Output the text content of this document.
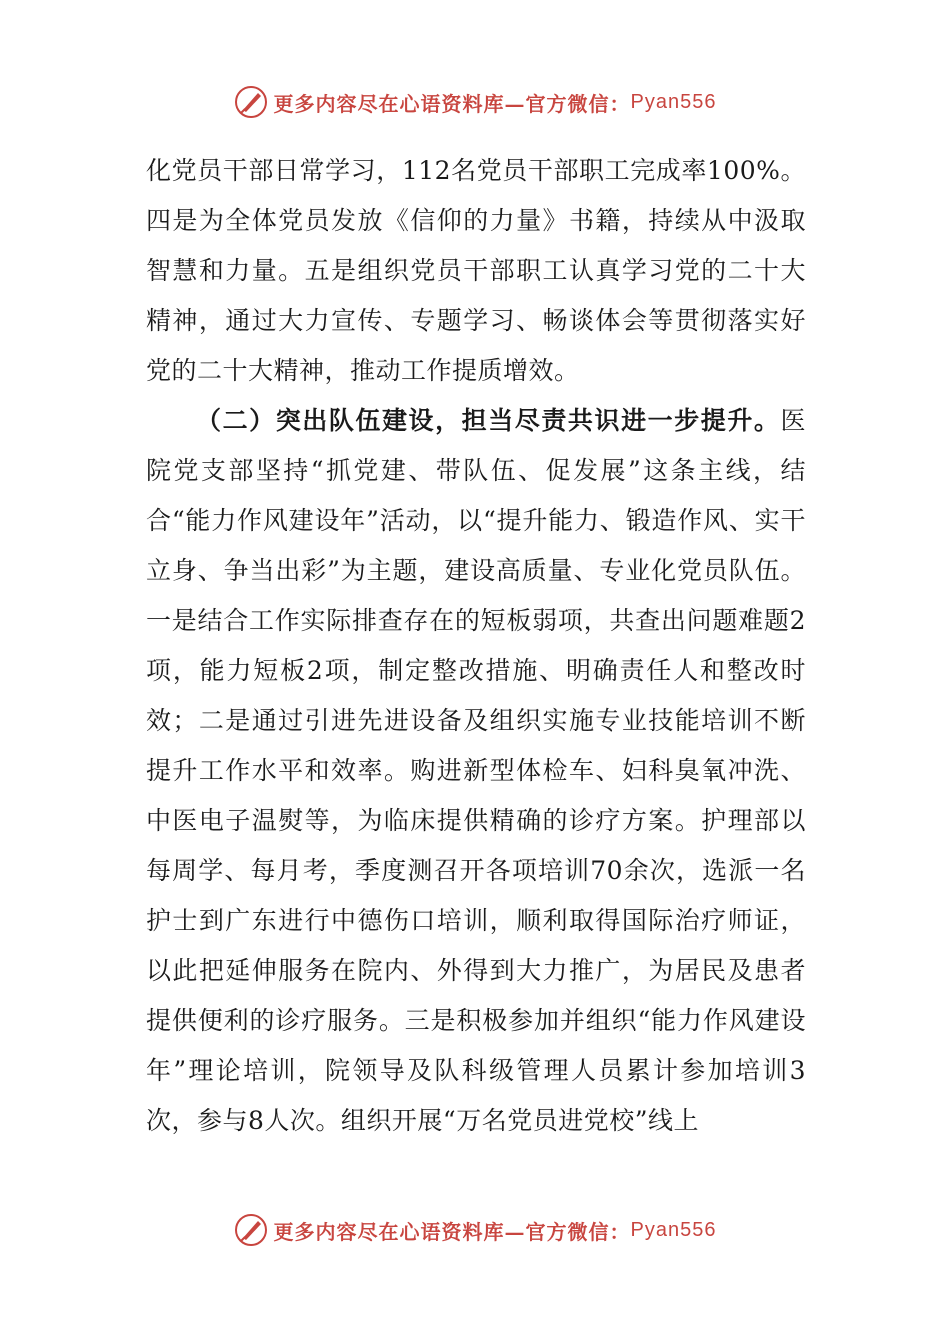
更多内容尽在心语资料库—官方微信： Pyan556

化党员干部日常学习，112名党员干部职工完成率100%。四是为全体党员发放《信仰的力量》书籍，持续从中汲取智慧和力量。五是组织党员干部职工认真学习党的二十大精神，通过大力宣传、专题学习、畅谈体会等贯彻落实好党的二十大精神，推动工作提质增效。

（二）突出队伍建设，担当尽责共识进一步提升。医院党支部坚持“抓党建、带队伍、促发展”这条主线，结合“能力作风建设年”活动，以“提升能力、锻造作风、实干立身、争当出彩”为主题，建设高质量、专业化党员队伍。一是结合工作实际排查存在的短板弱项，共查出问题难题2项，能力短板2项，制定整改措施、明确责任人和整改时效；二是通过引进先进设备及组织实施专业技能培训不断提升工作水平和效率。购进新型体检车、妇科臭氧冲洗、中医电子温熨等，为临床提供精确的诊疗方案。护理部以每周学、每月考，季度测召开各项培训70余次，选派一名护士到广东进行中德伤口培训，顺利取得国际治疗师证，以此把延伸服务在院内、外得到大力推广，为居民及患者提供便利的诊疗服务。三是积极参加并组织“能力作风建设年”理论培训，院领导及队科级管理人员累计参加培训3次，参与8人次。组织开展“万名党员进党校”线上

更多内容尽在心语资料库—官方微信： Pyan556
